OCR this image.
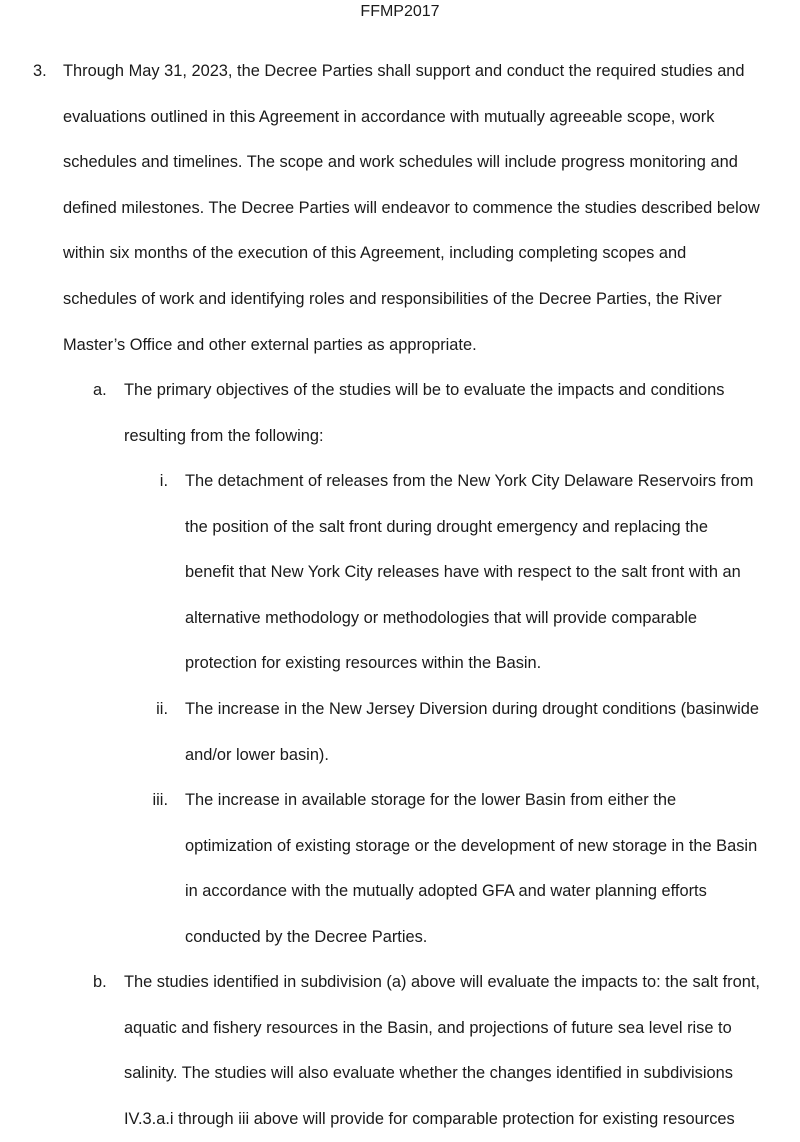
FFMP2017
3. Through May 31, 2023, the Decree Parties shall support and conduct the required studies and
evaluations outlined in this Agreement in accordance with mutually agreeable scope, work
schedules and timelines. The scope and work schedules will include progress monitoring and
defined milestones. The Decree Parties will endeavor to commence the studies described below
within six months of the execution of this Agreement, including completing scopes and
schedules of work and identifying roles and responsibilities of the Decree Parties, the River
Master’s Office and other external parties as appropriate.
a. The primary objectives of the studies will be to evaluate the impacts and conditions
resulting from the following:
i. The detachment of releases from the New York City Delaware Reservoirs from
the position of the salt front during drought emergency and replacing the
benefit that New York City releases have with respect to the salt front with an
alternative methodology or methodologies that will provide comparable
protection for existing resources within the Basin.
ii. The increase in the New Jersey Diversion during drought conditions (basinwide
and/or lower basin).
iii. The increase in available storage for the lower Basin from either the
optimization of existing storage or the development of new storage in the Basin
in accordance with the mutually adopted GFA and water planning efforts
conducted by the Decree Parties.
b. The studies identified in subdivision (a) above will evaluate the impacts to: the salt front,
aquatic and fishery resources in the Basin, and projections of future sea level rise to
salinity. The studies will also evaluate whether the changes identified in subdivisions
IV.3.a.i through iii above will provide for comparable protection for existing resources
